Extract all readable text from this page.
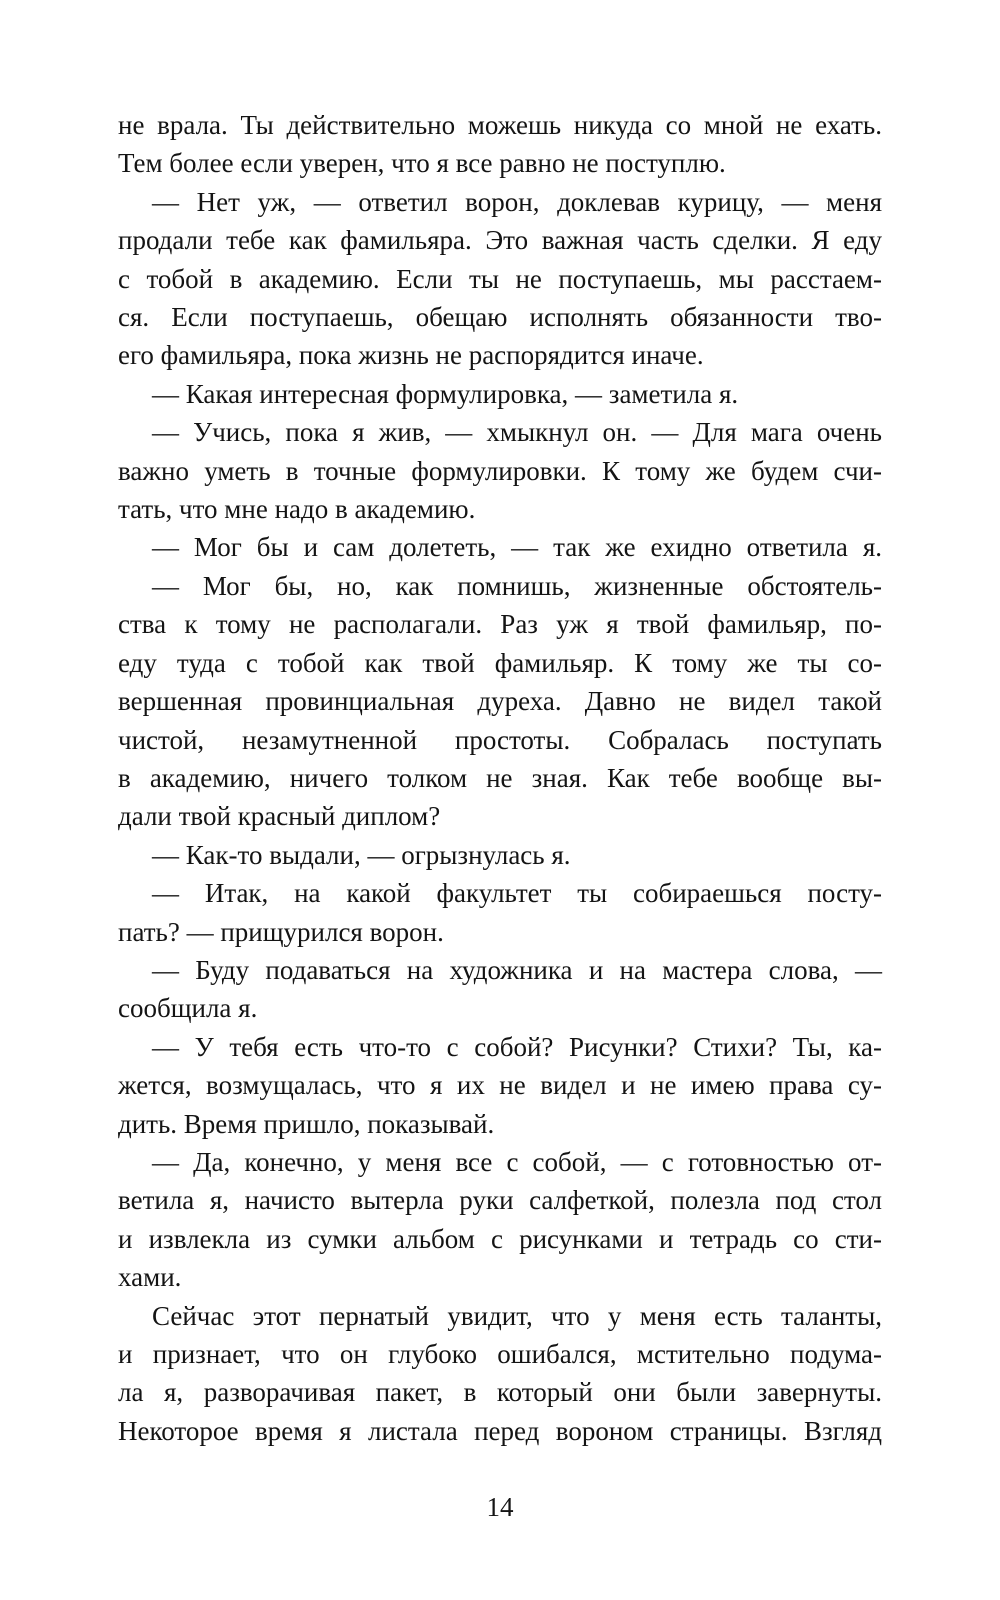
не врала. Ты действительно можешь никуда со мной не ехать.
Тем более если уверен, что я все равно не поступлю.
— Нет уж, — ответил ворон, доклевав курицу, — меня
продали тебе как фамильяра. Это важная часть сделки. Я еду
с тобой в академию. Если ты не поступаешь, мы расстаем-
ся. Если поступаешь, обещаю исполнять обязанности тво-
его фамильяра, пока жизнь не распорядится иначе.
— Какая интересная формулировка, — заметила я.
— Учись, пока я жив, — хмыкнул он. — Для мага очень
важно уметь в точные формулировки. К тому же будем счи-
тать, что мне надо в академию.
— Мог бы и сам долететь, — так же ехидно ответила я.
— Мог бы, но, как помнишь, жизненные обстоятель-
ства к тому не располагали. Раз уж я твой фамильяр, по-
еду туда с тобой как твой фамильяр. К тому же ты со-
вершенная провинциальная дуреха. Давно не видел такой
чистой, незамутненной простоты. Собралась поступать
в академию, ничего толком не зная. Как тебе вообще вы-
дали твой красный диплом?
— Как-то выдали, — огрызнулась я.
— Итак, на какой факультет ты собираешься посту-
пать? — прищурился ворон.
— Буду подаваться на художника и на мастера слова, —
сообщила я.
— У тебя есть что-то с собой? Рисунки? Стихи? Ты, ка-
жется, возмущалась, что я их не видел и не имею права су-
дить. Время пришло, показывай.
— Да, конечно, у меня все с собой, — с готовностью от-
ветила я, начисто вытерла руки салфеткой, полезла под стол
и извлекла из сумки альбом с рисунками и тетрадь со сти-
хами.
Сейчас этот пернатый увидит, что у меня есть таланты,
и признает, что он глубоко ошибался, мстительно подума-
ла я, разворачивая пакет, в который они были завернуты.
Некоторое время я листала перед вороном страницы. Взгляд
14
